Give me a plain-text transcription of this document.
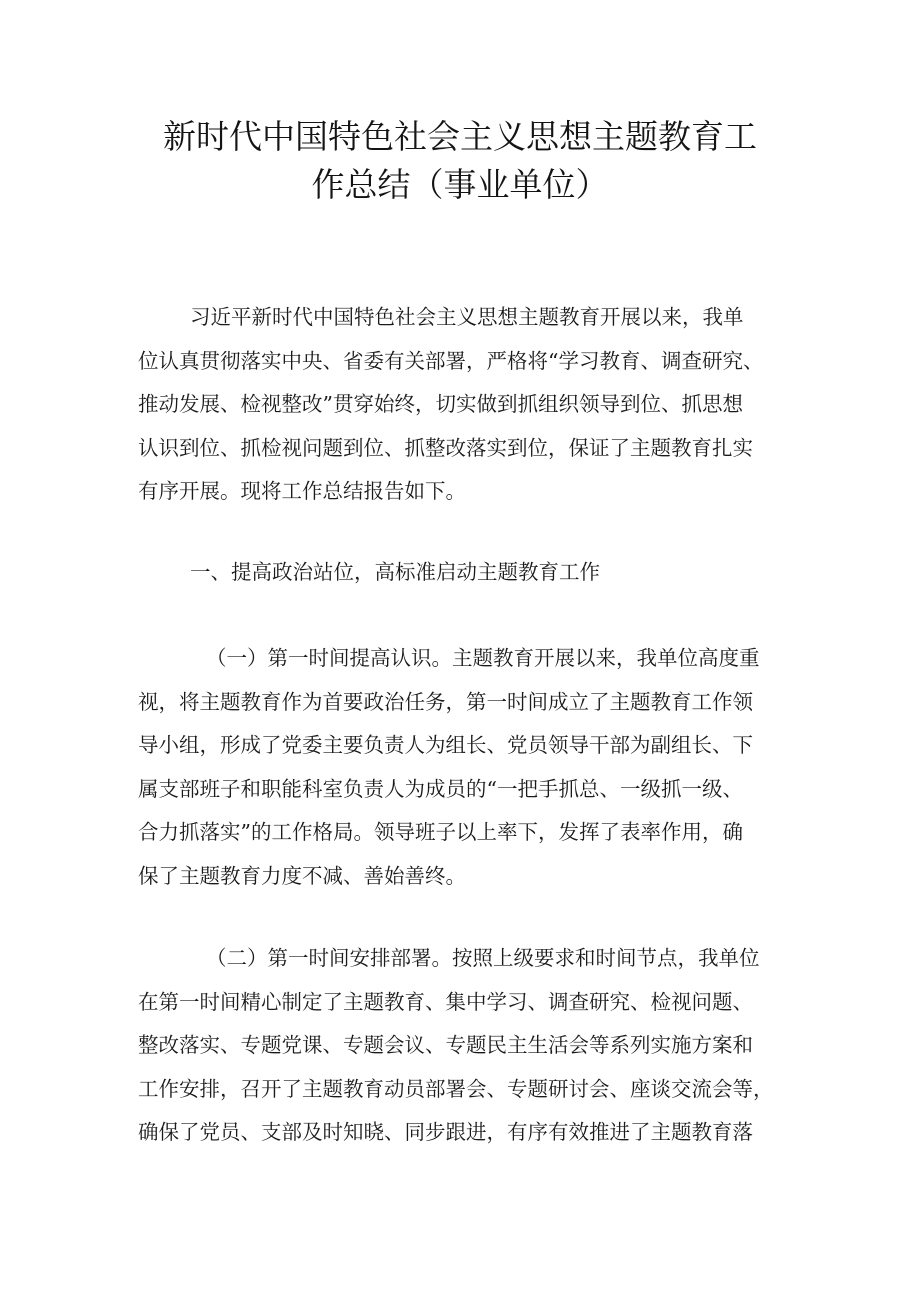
新时代中国特色社会主义思想主题教育工
作总结（事业单位）
习近平新时代中国特色社会主义思想主题教育开展以来，我单
位认真贯彻落实中央、省委有关部署，严格将“学习教育、调查研究、
推动发展、检视整改”贯穿始终，切实做到抓组织领导到位、抓思想
认识到位、抓检视问题到位、抓整改落实到位，保证了主题教育扎实
有序开展。现将工作总结报告如下。
一、提高政治站位，高标准启动主题教育工作
（一）第一时间提高认识。主题教育开展以来，我单位高度重
视，将主题教育作为首要政治任务，第一时间成立了主题教育工作领
导小组，形成了党委主要负责人为组长、党员领导干部为副组长、下
属支部班子和职能科室负责人为成员的“一把手抓总、一级抓一级、
合力抓落实”的工作格局。领导班子以上率下，发挥了表率作用，确
保了主题教育力度不减、善始善终。
（二）第一时间安排部署。按照上级要求和时间节点，我单位
在第一时间精心制定了主题教育、集中学习、调查研究、检视问题、
整改落实、专题党课、专题会议、专题民主生活会等系列实施方案和
工作安排，召开了主题教育动员部署会、专题研讨会、座谈交流会等，
确保了党员、支部及时知晓、同步跟进，有序有效推进了主题教育落
